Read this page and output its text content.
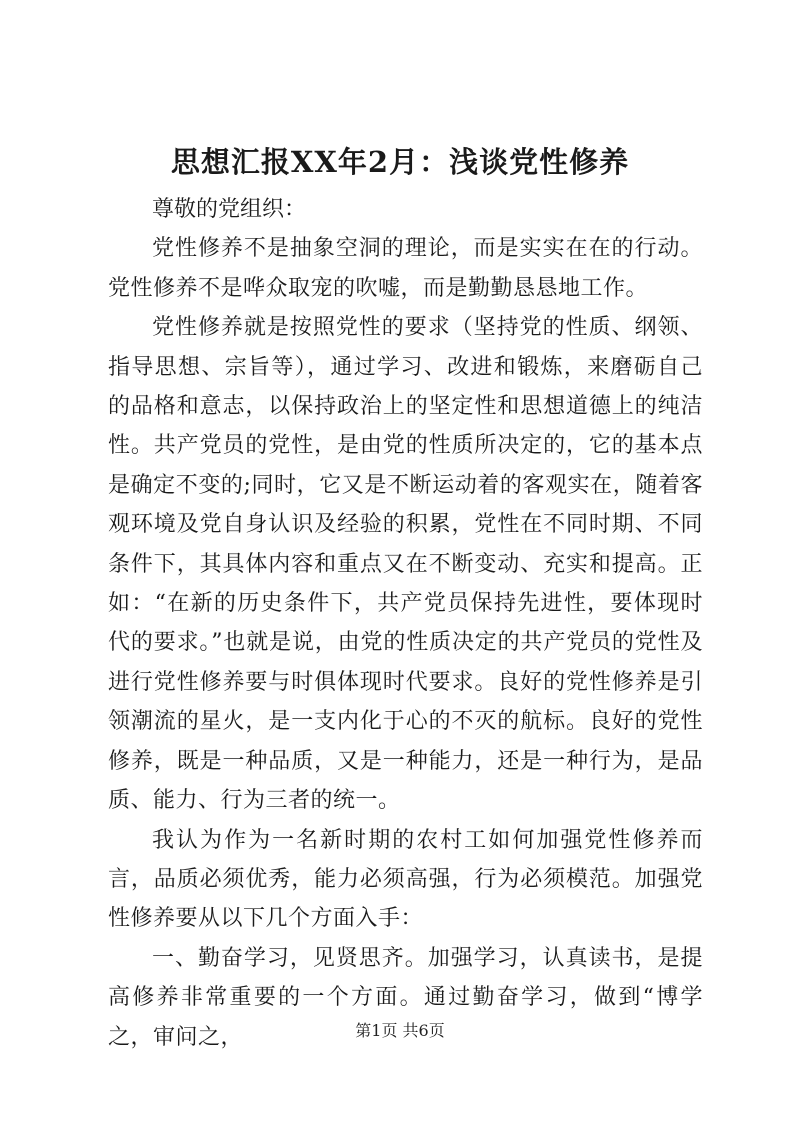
思想汇报XX年2月：浅谈党性修养

尊敬的党组织：

党性修养不是抽象空洞的理论，而是实实在在的行动。党性修养不是哗众取宠的吹嘘，而是勤勤恳恳地工作。

党性修养就是按照党性的要求（坚持党的性质、纲领、指导思想、宗旨等），通过学习、改进和锻炼，来磨砺自己的品格和意志，以保持政治上的坚定性和思想道德上的纯洁性。共产党员的党性，是由党的性质所决定的，它的基本点是确定不变的;同时，它又是不断运动着的客观实在，随着客观环境及党自身认识及经验的积累，党性在不同时期、不同条件下，其具体内容和重点又在不断变动、充实和提高。正如：“在新的历史条件下，共产党员保持先进性，要体现时代的要求。”也就是说，由党的性质决定的共产党员的党性及进行党性修养要与时俱体现时代要求。良好的党性修养是引领潮流的星火，是一支内化于心的不灭的航标。良好的党性修养，既是一种品质，又是一种能力，还是一种行为，是品质、能力、行为三者的统一。

我认为作为一名新时期的农村工如何加强党性修养而言，品质必须优秀，能力必须高强，行为必须模范。加强党性修养要从以下几个方面入手：

一、勤奋学习，见贤思齐。加强学习，认真读书，是提高修养非常重要的一个方面。通过勤奋学习，做到“博学之，审问之，	第1页 共6页
